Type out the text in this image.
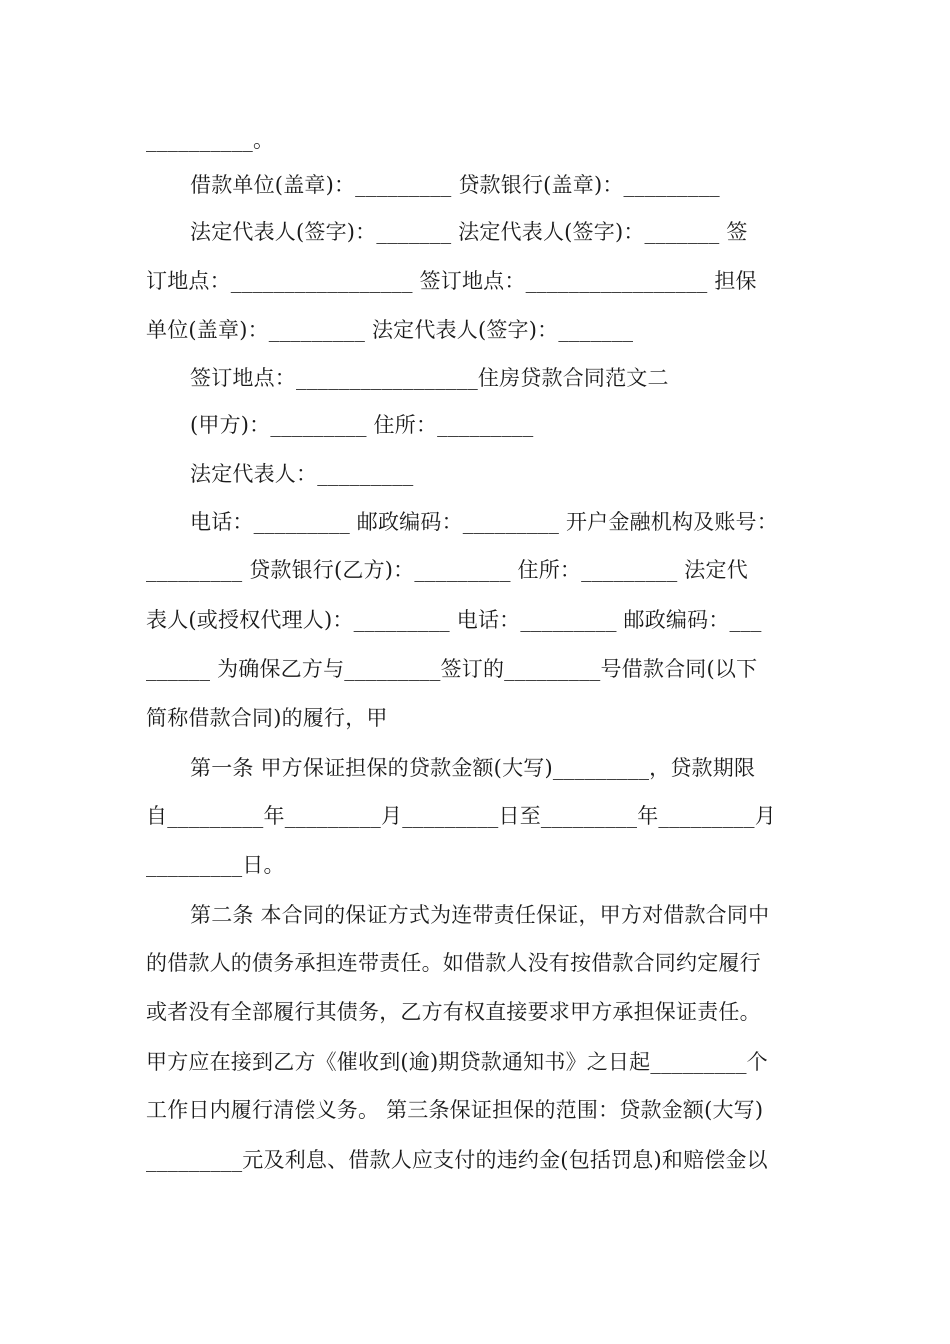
__________。
借款单位(盖章)：_________ 贷款银行(盖章)：_________
法定代表人(签字)：_______ 法定代表人(签字)：_______ 签
订地点：_________________ 签订地点：_________________ 担保
单位(盖章)：_________ 法定代表人(签字)：_______
签订地点：_________________住房贷款合同范文二
(甲方)：_________ 住所：_________
法定代表人：_________
电话：_________ 邮政编码：_________ 开户金融机构及账号：
_________ 贷款银行(乙方)：_________ 住所：_________ 法定代
表人(或授权代理人)：_________ 电话：_________ 邮政编码：___
______ 为确保乙方与_________签订的_________号借款合同(以下
简称借款合同)的履行，甲
第一条 甲方保证担保的贷款金额(大写)_________，贷款期限
自_________年_________月_________日至_________年_________月
_________日。
第二条 本合同的保证方式为连带责任保证，甲方对借款合同中
的借款人的债务承担连带责任。如借款人没有按借款合同约定履行
或者没有全部履行其债务，乙方有权直接要求甲方承担保证责任。
甲方应在接到乙方《催收到(逾)期贷款通知书》之日起_________个
工作日内履行清偿义务。 第三条保证担保的范围：贷款金额(大写)
_________元及利息、借款人应支付的违约金(包括罚息)和赔偿金以
